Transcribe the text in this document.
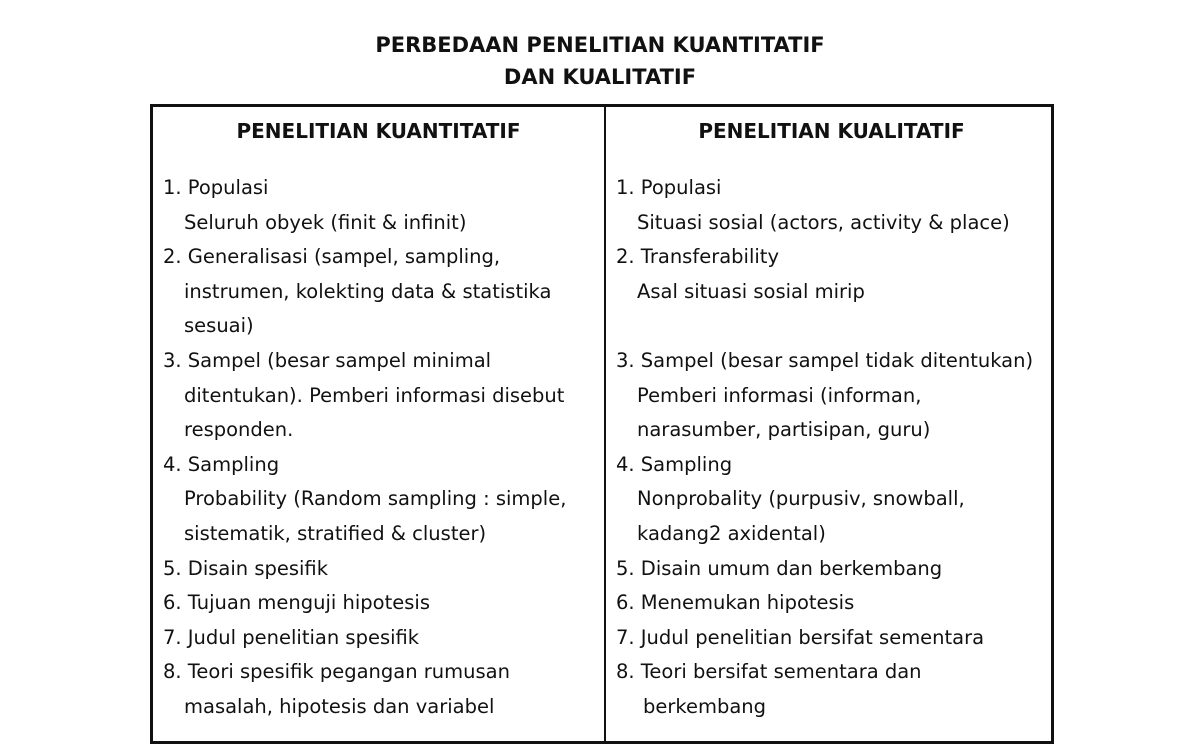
PERBEDAAN PENELITIAN KUANTITATIF
DAN KUALITATIF
PENELITIAN KUANTITATIF
1. Populasi
Seluruh obyek (finit & infinit)
2. Generalisasi (sampel, sampling,
instrumen, kolekting data & statistika
sesuai)
3. Sampel (besar sampel minimal
ditentukan). Pemberi informasi disebut
responden.
4. Sampling
Probability (Random sampling : simple,
sistematik, stratified & cluster)
5. Disain spesifik
6. Tujuan menguji hipotesis
7. Judul penelitian spesifik
8. Teori spesifik pegangan rumusan
masalah, hipotesis dan variabel
PENELITIAN KUALITATIF
1. Populasi
Situasi sosial (actors, activity & place)
2. Transferability
Asal situasi sosial mirip
3. Sampel (besar sampel tidak ditentukan)
Pemberi informasi (informan,
narasumber, partisipan, guru)
4. Sampling
Nonprobality (purpusiv, snowball,
kadang2 axidental)
5. Disain umum dan berkembang
6. Menemukan hipotesis
7. Judul penelitian bersifat sementara
8. Teori bersifat sementara dan
berkembang
